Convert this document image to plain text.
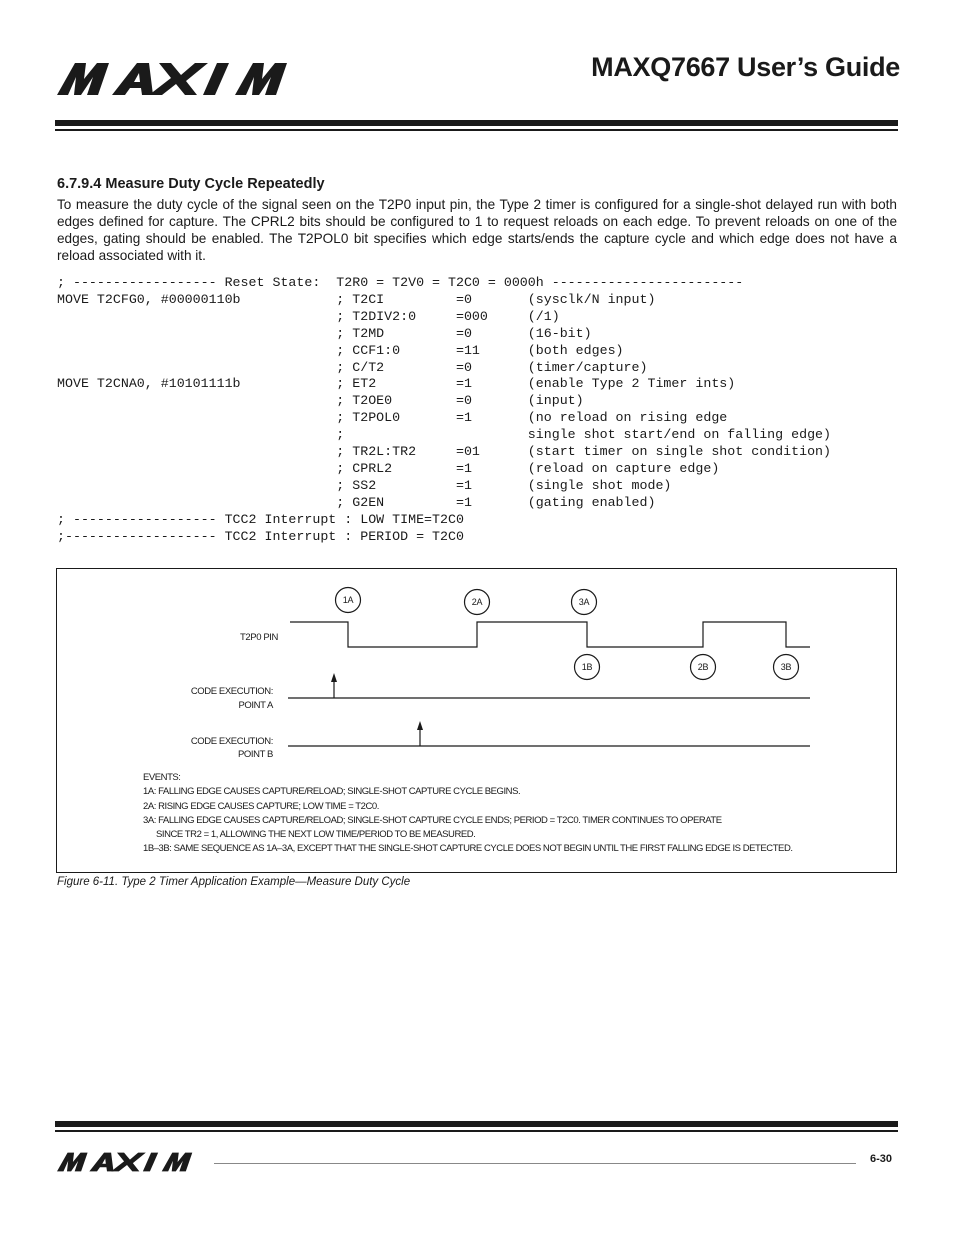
MAXQ7667 User’s Guide
6.7.9.4 Measure Duty Cycle Repeatedly
To measure the duty cycle of the signal seen on the T2P0 input pin, the Type 2 timer is configured for a single-shot delayed run with both edges defined for capture. The CPRL2 bits should be configured to 1 to request reloads on each edge. To prevent reloads on one of the edges, gating should be enabled. The T2POL0 bit specifies which edge starts/ends the capture cycle and which edge does not have a reload associated with it.
; ------------------ Reset State:  T2R0 = T2V0 = T2C0 = 0000h ------------------------
MOVE T2CFG0, #00000110b            ; T2CI         =0       (sysclk/N input)
; T2DIV2:0     =000     (/1)
; T2MD         =0       (16-bit)
; CCF1:0       =11      (both edges)
; C/T2         =0       (timer/capture)
MOVE T2CNA0, #10101111b            ; ET2          =1       (enable Type 2 Timer ints)
; T2OE0        =0       (input)
; T2POL0       =1       (no reload on rising edge
;                       single shot start/end on falling edge)
; TR2L:TR2     =01      (start timer on single shot condition)
; CPRL2        =1       (reload on capture edge)
; SS2          =1       (single shot mode)
; G2EN         =1       (gating enabled)
; ------------------ TCC2 Interrupt : LOW TIME=T2C0
;------------------- TCC2 Interrupt : PERIOD = T2C0
1A	2A	3A
1B	2B	3B
T2P0 PIN
CODE EXECUTION:
POINT A
CODE EXECUTION:
POINT B
EVENTS:
1A: FALLING EDGE CAUSES CAPTURE/RELOAD; SINGLE-SHOT CAPTURE CYCLE BEGINS.
2A: RISING EDGE CAUSES CAPTURE; LOW TIME = T2C0.
3A: FALLING EDGE CAUSES CAPTURE/RELOAD; SINGLE-SHOT CAPTURE CYCLE ENDS; PERIOD = T2C0. TIMER CONTINUES TO OPERATE
SINCE TR2 = 1, ALLOWING THE NEXT LOW TIME/PERIOD TO BE MEASURED.
1B–3B: SAME SEQUENCE AS 1A–3A, EXCEPT THAT THE SINGLE-SHOT CAPTURE CYCLE DOES NOT BEGIN UNTIL THE FIRST FALLING EDGE IS DETECTED.
Figure 6-11. Type 2 Timer Application Example—Measure Duty Cycle
6-30
